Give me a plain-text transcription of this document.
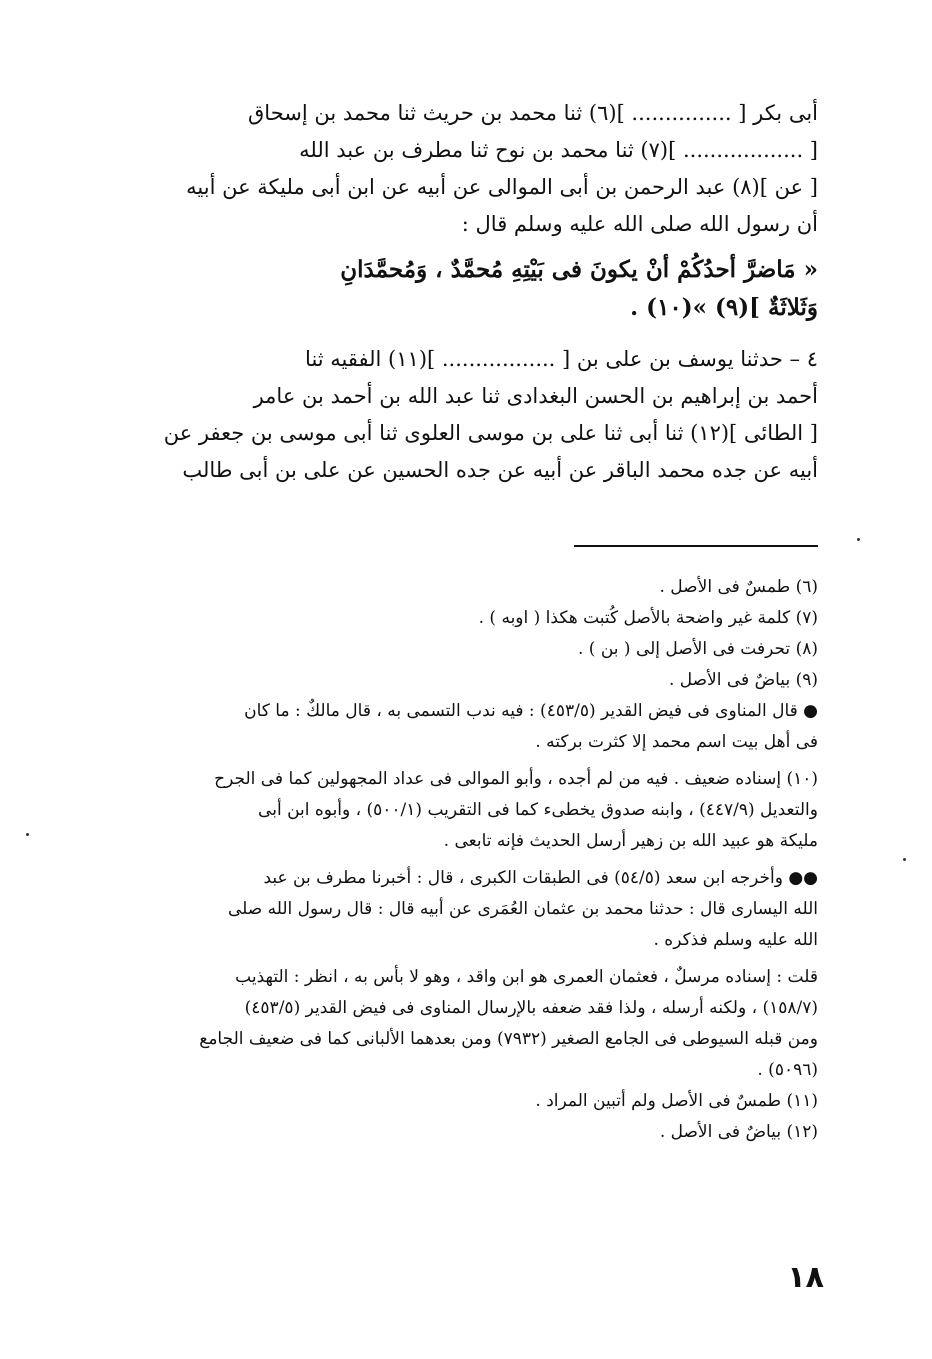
أبى بكر [ ............... ](٦) ثنا محمد بن حريث ثنا محمد بن إسحاق
[ .................. ](٧) ثنا محمد بن نوح ثنا مطرف بن عبد الله
[ عن ](٨) عبد الرحمن بن أبى الموالى عن أبيه عن ابن أبى مليكة عن أبيه
أن رسول الله صلى الله عليه وسلم قال :
« مَاضرَّ أحدُكُمْ أنْ يكونَ فى بَيْتِهِ مُحمَّدٌ ، وَمُحمَّدَانِ
وَثَلاثَةٌ ](٩) »(١٠) .
٤ – حدثنا يوسف بن على بن [ ................. ](١١) الفقيه ثنا
أحمد بن إبراهيم بن الحسن البغدادى ثنا عبد الله بن أحمد بن عامر
[ الطائى ](١٢) ثنا أبى ثنا على بن موسى العلوى ثنا أبى موسى بن جعفر عن
أبيه عن جده محمد الباقر عن أبيه عن جده الحسين عن على بن أبى طالب
(٦) طمسٌ فى الأصل .
(٧) كلمة غير واضحة بالأصل كُتبت هكذا ( اوبه ) .
(٨) تحرفت فى الأصل إلى ( بن ) .
(٩) بياضٌ فى الأصل .
● قال المناوى فى فيض القدير (٤٥٣/٥) : فيه ندب التسمى به ، قال مالكٌ : ما كان
فى أهل بيت اسم محمد إلا كثرت بركته .
(١٠) إسناده ضعيف . فيه من لم أجده ، وأبو الموالى فى عداد المجهولين كما فى الجرح
والتعديل (٤٤٧/٩) ، وابنه صدوق يخطىء كما فى التقريب (٥٠٠/١) ، وأبوه ابن أبى
مليكة هو عبيد الله بن زهير أرسل الحديث فإنه تابعى .
●● وأخرجه ابن سعد (٥٤/٥) فى الطبقات الكبرى ، قال : أخبرنا مطرف بن عبد
الله اليسارى قال : حدثنا محمد بن عثمان العُمَرى عن أبيه قال : قال رسول الله صلى
الله عليه وسلم فذكره .
قلت : إسناده مرسلٌ ، فعثمان العمرى هو ابن واقد ، وهو لا بأس به ، انظر : التهذيب
(١٥٨/٧) ، ولكنه أرسله ، ولذا فقد ضعفه بالإرسال المناوى فى فيض القدير (٤٥٣/٥)
ومن قبله السيوطى فى الجامع الصغير (٧٩٣٢) ومن بعدهما الألبانى كما فى ضعيف الجامع
(٥٠٩٦) .
(١١) طمسٌ فى الأصل ولم أتبين المراد .
(١٢) بياضٌ فى الأصل .
١٨
